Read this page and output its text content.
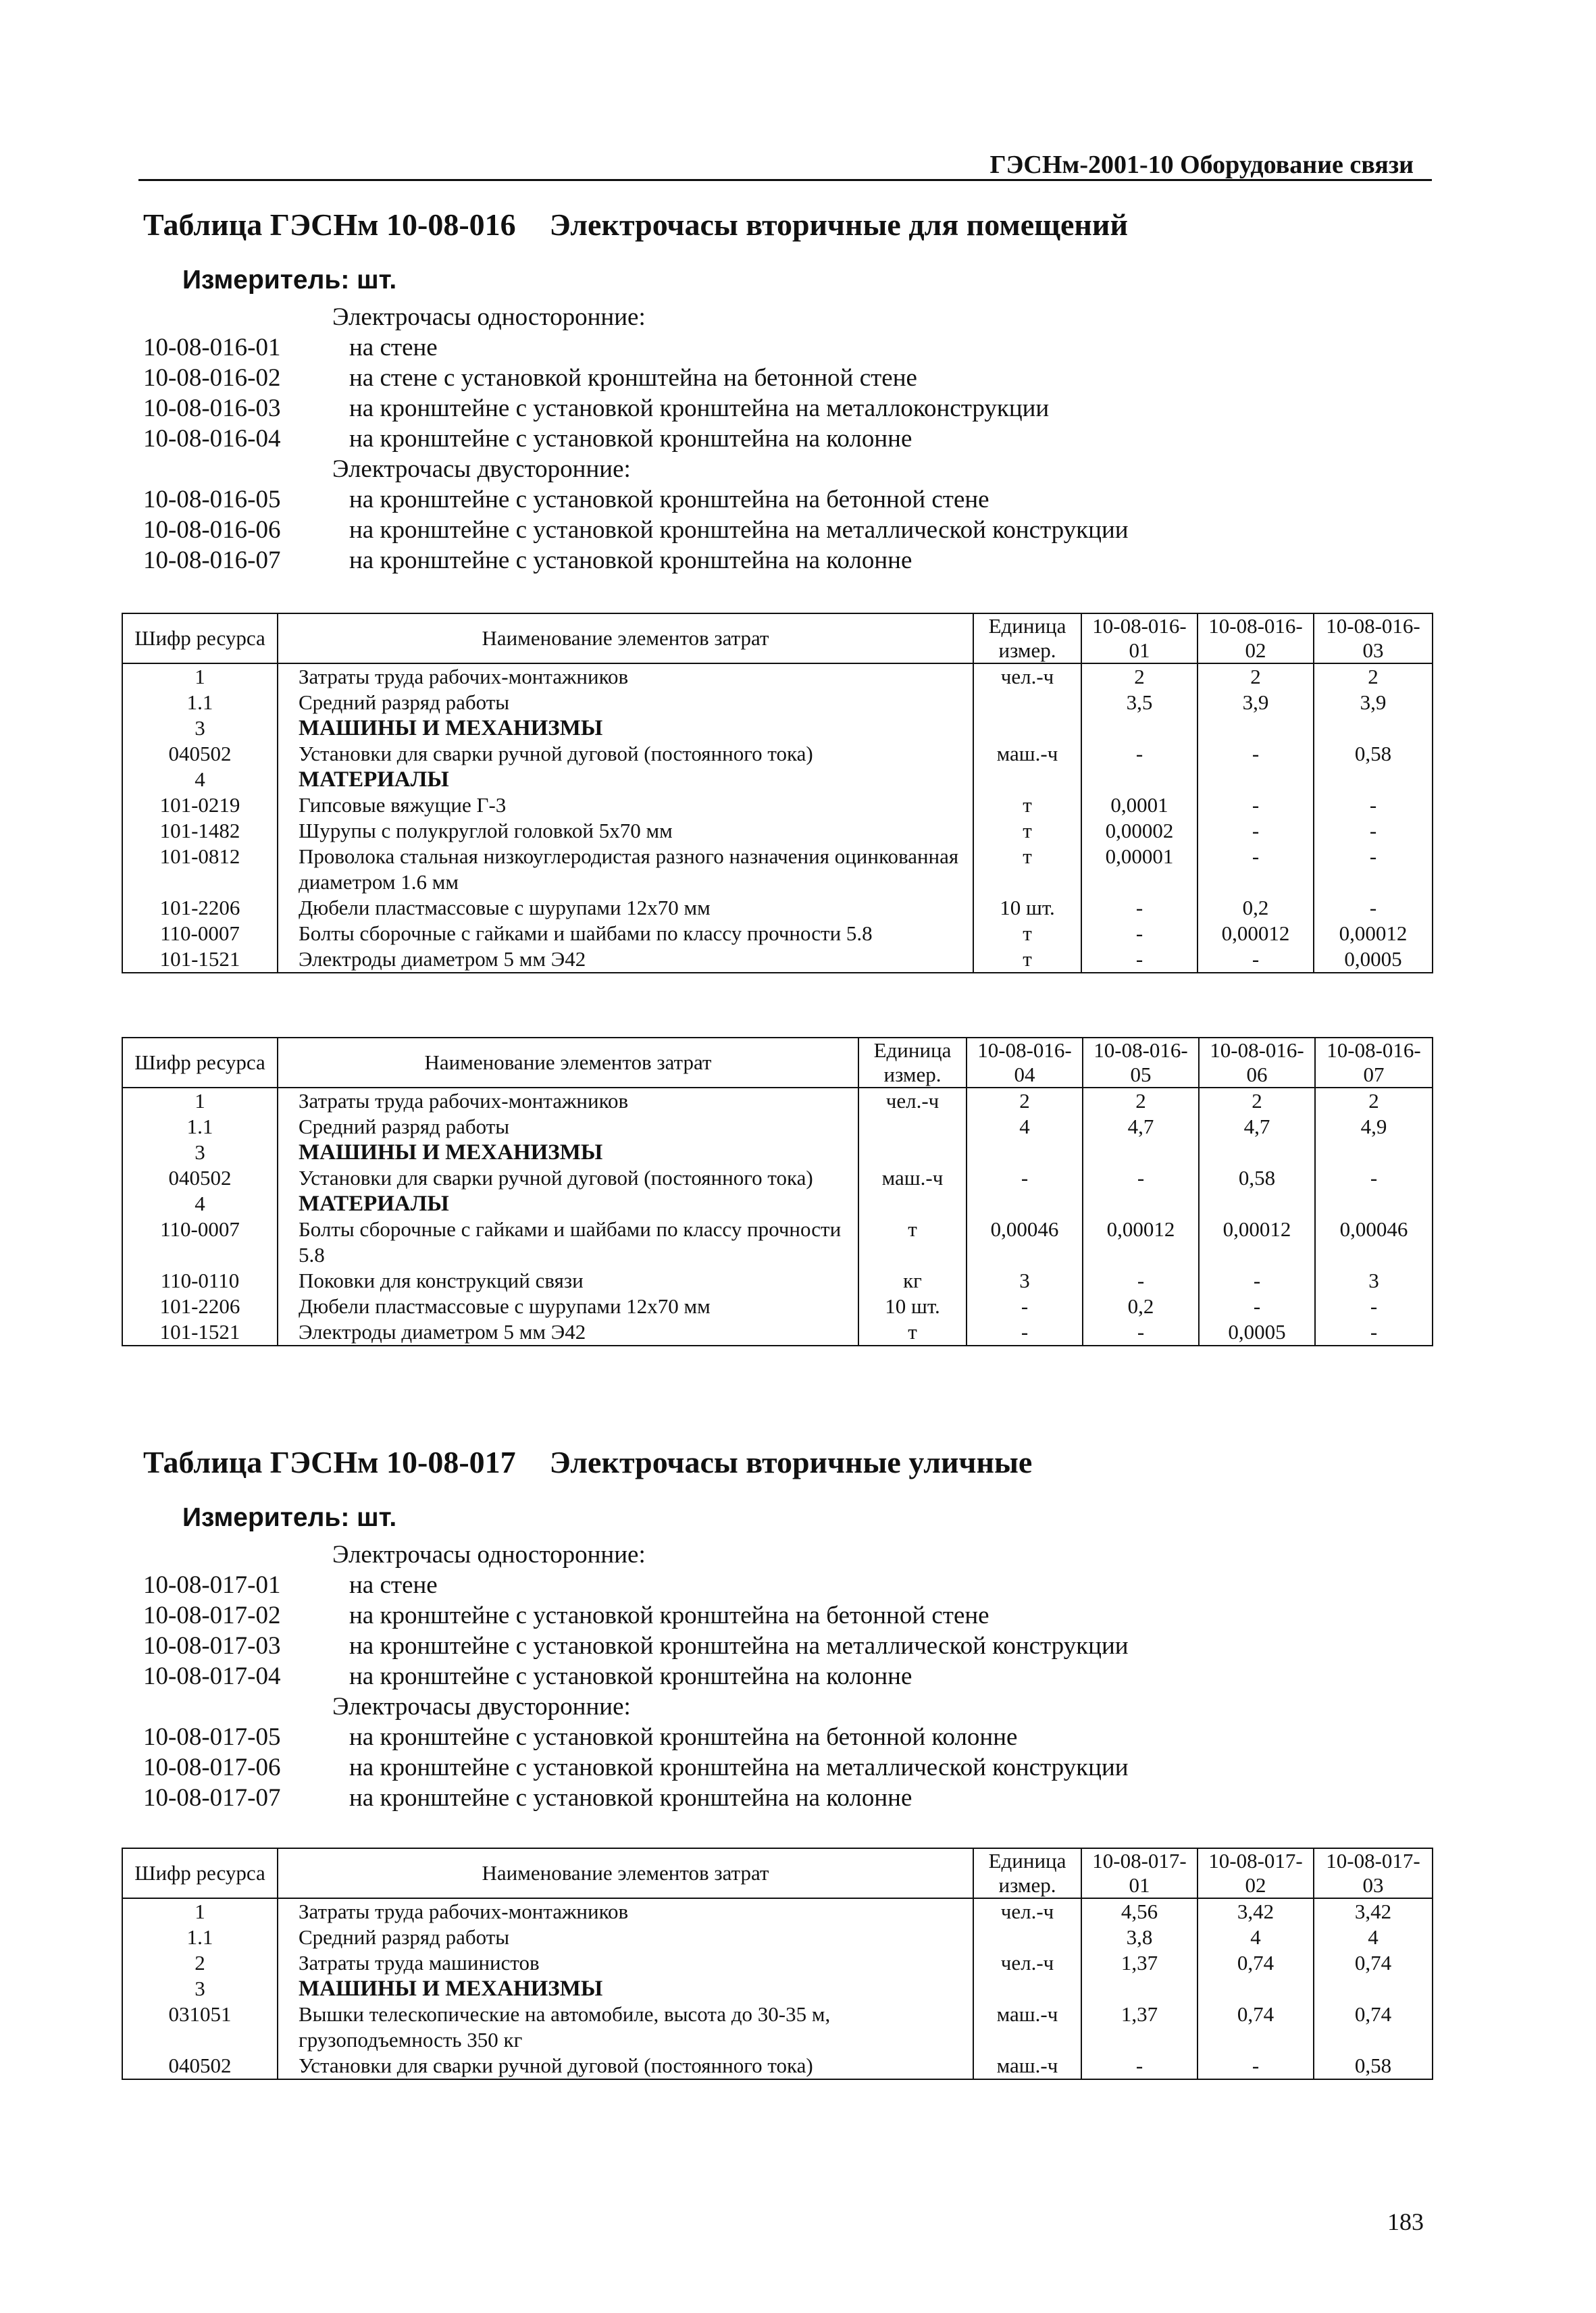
ГЭСНм-2001-10 Оборудование связи
Таблица ГЭСНм 10-08-016 Электрочасы вторичные для помещений
Измеритель: шт.
Электрочасы односторонние:
10-08-016-01	на стене
10-08-016-02	на стене с установкой кронштейна на бетонной стене
10-08-016-03	на кронштейне с установкой кронштейна на металлоконструкции
10-08-016-04	на кронштейне с установкой кронштейна на колонне
Электрочасы двусторонние:
10-08-016-05	на кронштейне с установкой кронштейна на бетонной стене
10-08-016-06	на кронштейне с установкой кронштейна на металлической конструкции
10-08-016-07	на кронштейне с установкой кронштейна на колонне
Шифр ресурса	Наименование элементов затрат	Единица измер.	10-08-016-01	10-08-016-02	10-08-016-03
1	Затраты труда рабочих-монтажников	чел.-ч	2	2	2
1.1	Средний разряд работы		3,5	3,9	3,9
3	МАШИНЫ И МЕХАНИЗМЫ				
040502	Установки для сварки ручной дуговой (постоянного тока)	маш.-ч	-	-	0,58
4	МАТЕРИАЛЫ				
101-0219	Гипсовые вяжущие Г-3	т	0,0001	-	-
101-1482	Шурупы с полукруглой головкой 5х70 мм	т	0,00002	-	-
101-0812	Проволока стальная низкоуглеродистая разного назначения оцинкованная диаметром 1.6 мм	т	0,00001	-	-
101-2206	Дюбели пластмассовые с шурупами 12х70 мм	10 шт.	-	0,2	-
110-0007	Болты сборочные с гайками и шайбами по классу прочности 5.8	т	-	0,00012	0,00012
101-1521	Электроды диаметром 5 мм Э42	т	-	-	0,0005
Шифр ресурса	Наименование элементов затрат	Единица измер.	10-08-016-04	10-08-016-05	10-08-016-06	10-08-016-07
1	Затраты труда рабочих-монтажников	чел.-ч	2	2	2	2
1.1	Средний разряд работы		4	4,7	4,7	4,9
3	МАШИНЫ И МЕХАНИЗМЫ					
040502	Установки для сварки ручной дуговой (постоянного тока)	маш.-ч	-	-	0,58	-
4	МАТЕРИАЛЫ					
110-0007	Болты сборочные с гайками и шайбами по классу прочности 5.8	т	0,00046	0,00012	0,00012	0,00046
110-0110	Поковки для конструкций связи	кг	3	-	-	3
101-2206	Дюбели пластмассовые с шурупами 12х70 мм	10 шт.	-	0,2	-	-
101-1521	Электроды диаметром 5 мм Э42	т	-	-	0,0005	-
Таблица ГЭСНм 10-08-017 Электрочасы вторичные уличные
Измеритель: шт.
Электрочасы односторонние:
10-08-017-01	на стене
10-08-017-02	на кронштейне с установкой кронштейна на бетонной стене
10-08-017-03	на кронштейне с установкой кронштейна на металлической конструкции
10-08-017-04	на кронштейне с установкой кронштейна на колонне
Электрочасы двусторонние:
10-08-017-05	на кронштейне с установкой кронштейна на бетонной колонне
10-08-017-06	на кронштейне с установкой кронштейна на металлической конструкции
10-08-017-07	на кронштейне с установкой кронштейна на колонне
Шифр ресурса	Наименование элементов затрат	Единица измер.	10-08-017-01	10-08-017-02	10-08-017-03
1	Затраты труда рабочих-монтажников	чел.-ч	4,56	3,42	3,42
1.1	Средний разряд работы		3,8	4	4
2	Затраты труда машинистов	чел.-ч	1,37	0,74	0,74
3	МАШИНЫ И МЕХАНИЗМЫ				
031051	Вышки телескопические на автомобиле, высота до 30-35 м, грузоподъемность 350 кг	маш.-ч	1,37	0,74	0,74
040502	Установки для сварки ручной дуговой (постоянного тока)	маш.-ч	-	-	0,58
183
